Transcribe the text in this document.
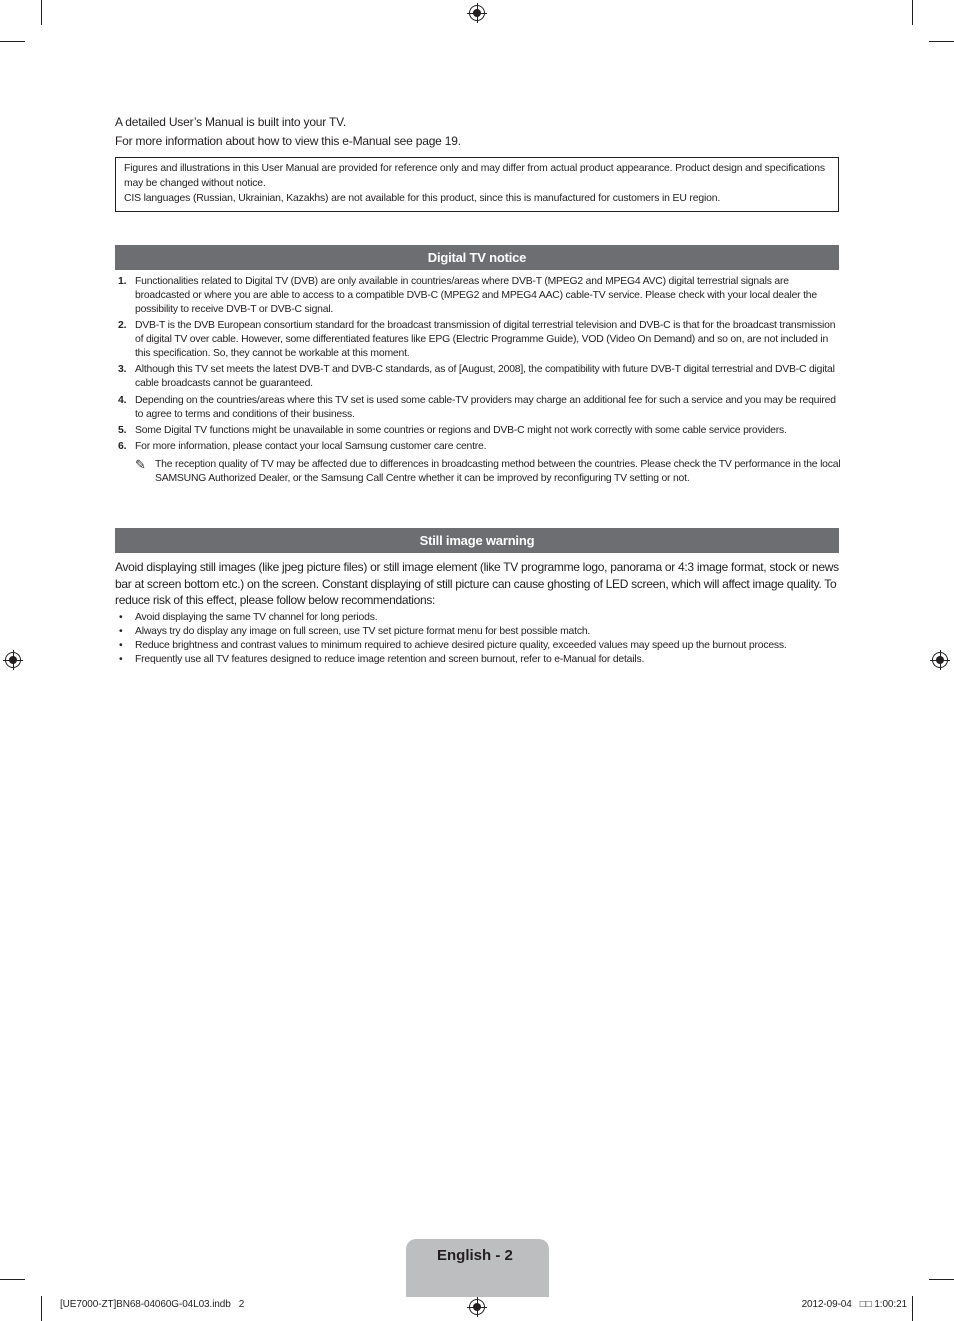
A detailed User’s Manual is built into your TV.
For more information about how to view this e-Manual see page 19.

Figures and illustrations in this User Manual are provided for reference only and may differ from actual product appearance. Product design and specifications may be changed without notice.

CIS languages (Russian, Ukrainian, Kazakhs) are not available for this product, since this is manufactured for customers in EU region.

Digital TV notice
1. Functionalities related to Digital TV (DVB) are only available in countries/areas where DVB-T (MPEG2 and MPEG4 AVC) digital terrestrial signals are broadcasted or where you are able to access to a compatible DVB-C (MPEG2 and MPEG4 AAC) cable-TV service. Please check with your local dealer the possibility to receive DVB-T or DVB-C signal.
2. DVB-T is the DVB European consortium standard for the broadcast transmission of digital terrestrial television and DVB-C is that for the broadcast transmission of digital TV over cable. However, some differentiated features like EPG (Electric Programme Guide), VOD (Video On Demand) and so on, are not included in this specification. So, they cannot be workable at this moment.
3. Although this TV set meets the latest DVB-T and DVB-C standards, as of [August, 2008], the compatibility with future DVB-T digital terrestrial and DVB-C digital cable broadcasts cannot be guaranteed.
4. Depending on the countries/areas where this TV set is used some cable-TV providers may charge an additional fee for such a service and you may be required to agree to terms and conditions of their business.
5. Some Digital TV functions might be unavailable in some countries or regions and DVB-C might not work correctly with some cable service providers.
6. For more information, please contact your local Samsung customer care centre.
✎ The reception quality of TV may be affected due to differences in broadcasting method between the countries. Please check the TV performance in the local SAMSUNG Authorized Dealer, or the Samsung Call Centre whether it can be improved by reconfiguring TV setting or not.
Still image warning
Avoid displaying still images (like jpeg picture files) or still image element (like TV programme logo, panorama or 4:3 image format, stock or news bar at screen bottom etc.) on the screen. Constant displaying of still picture can cause ghosting of LED screen, which will affect image quality. To reduce risk of this effect, please follow below recommendations:
• Avoid displaying the same TV channel for long periods.
• Always try do display any image on full screen, use TV set picture format menu for best possible match.
• Reduce brightness and contrast values to minimum required to achieve desired picture quality, exceeded values may speed up the burnout process.
• Frequently use all TV features designed to reduce image retention and screen burnout, refer to e-Manual for details.
English - 2
[UE7000-ZT]BN68-04060G-04L03.indb   2	2012-09-04   □□ 1:00:21
